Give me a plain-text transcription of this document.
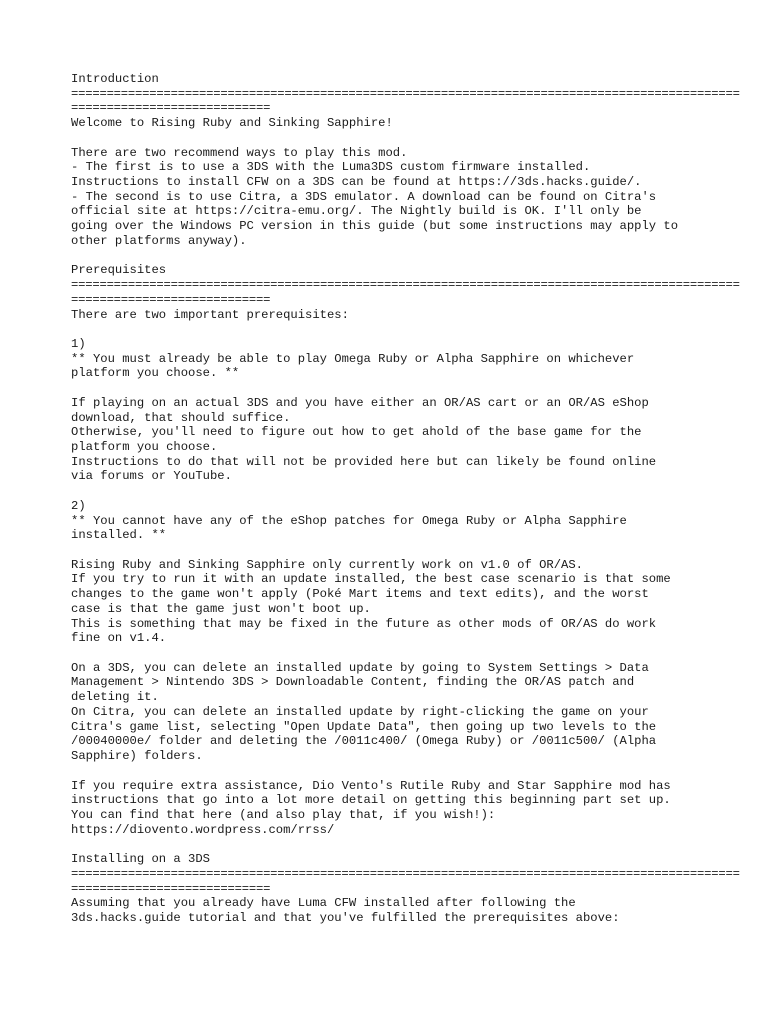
Introduction
==============================================================================================
============================
Welcome to Rising Ruby and Sinking Sapphire!
There are two recommend ways to play this mod.
- The first is to use a 3DS with the Luma3DS custom firmware installed.
Instructions to install CFW on a 3DS can be found at https://3ds.hacks.guide/.
- The second is to use Citra, a 3DS emulator. A download can be found on Citra's
official site at https://citra-emu.org/. The Nightly build is OK. I'll only be
going over the Windows PC version in this guide (but some instructions may apply to
other platforms anyway).
Prerequisites
==============================================================================================
============================
There are two important prerequisites:
1)
** You must already be able to play Omega Ruby or Alpha Sapphire on whichever
platform you choose. **
If playing on an actual 3DS and you have either an OR/AS cart or an OR/AS eShop
download, that should suffice.
Otherwise, you'll need to figure out how to get ahold of the base game for the
platform you choose.
Instructions to do that will not be provided here but can likely be found online
via forums or YouTube.
2)
** You cannot have any of the eShop patches for Omega Ruby or Alpha Sapphire
installed. **
Rising Ruby and Sinking Sapphire only currently work on v1.0 of OR/AS.
If you try to run it with an update installed, the best case scenario is that some
changes to the game won't apply (Poké Mart items and text edits), and the worst
case is that the game just won't boot up.
This is something that may be fixed in the future as other mods of OR/AS do work
fine on v1.4.
On a 3DS, you can delete an installed update by going to System Settings > Data
Management > Nintendo 3DS > Downloadable Content, finding the OR/AS patch and
deleting it.
On Citra, you can delete an installed update by right-clicking the game on your
Citra's game list, selecting "Open Update Data", then going up two levels to the
/00040000e/ folder and deleting the /0011c400/ (Omega Ruby) or /0011c500/ (Alpha
Sapphire) folders.
If you require extra assistance, Dio Vento's Rutile Ruby and Star Sapphire mod has
instructions that go into a lot more detail on getting this beginning part set up.
You can find that here (and also play that, if you wish!):
https://diovento.wordpress.com/rrss/
Installing on a 3DS
==============================================================================================
============================
Assuming that you already have Luma CFW installed after following the
3ds.hacks.guide tutorial and that you've fulfilled the prerequisites above:
